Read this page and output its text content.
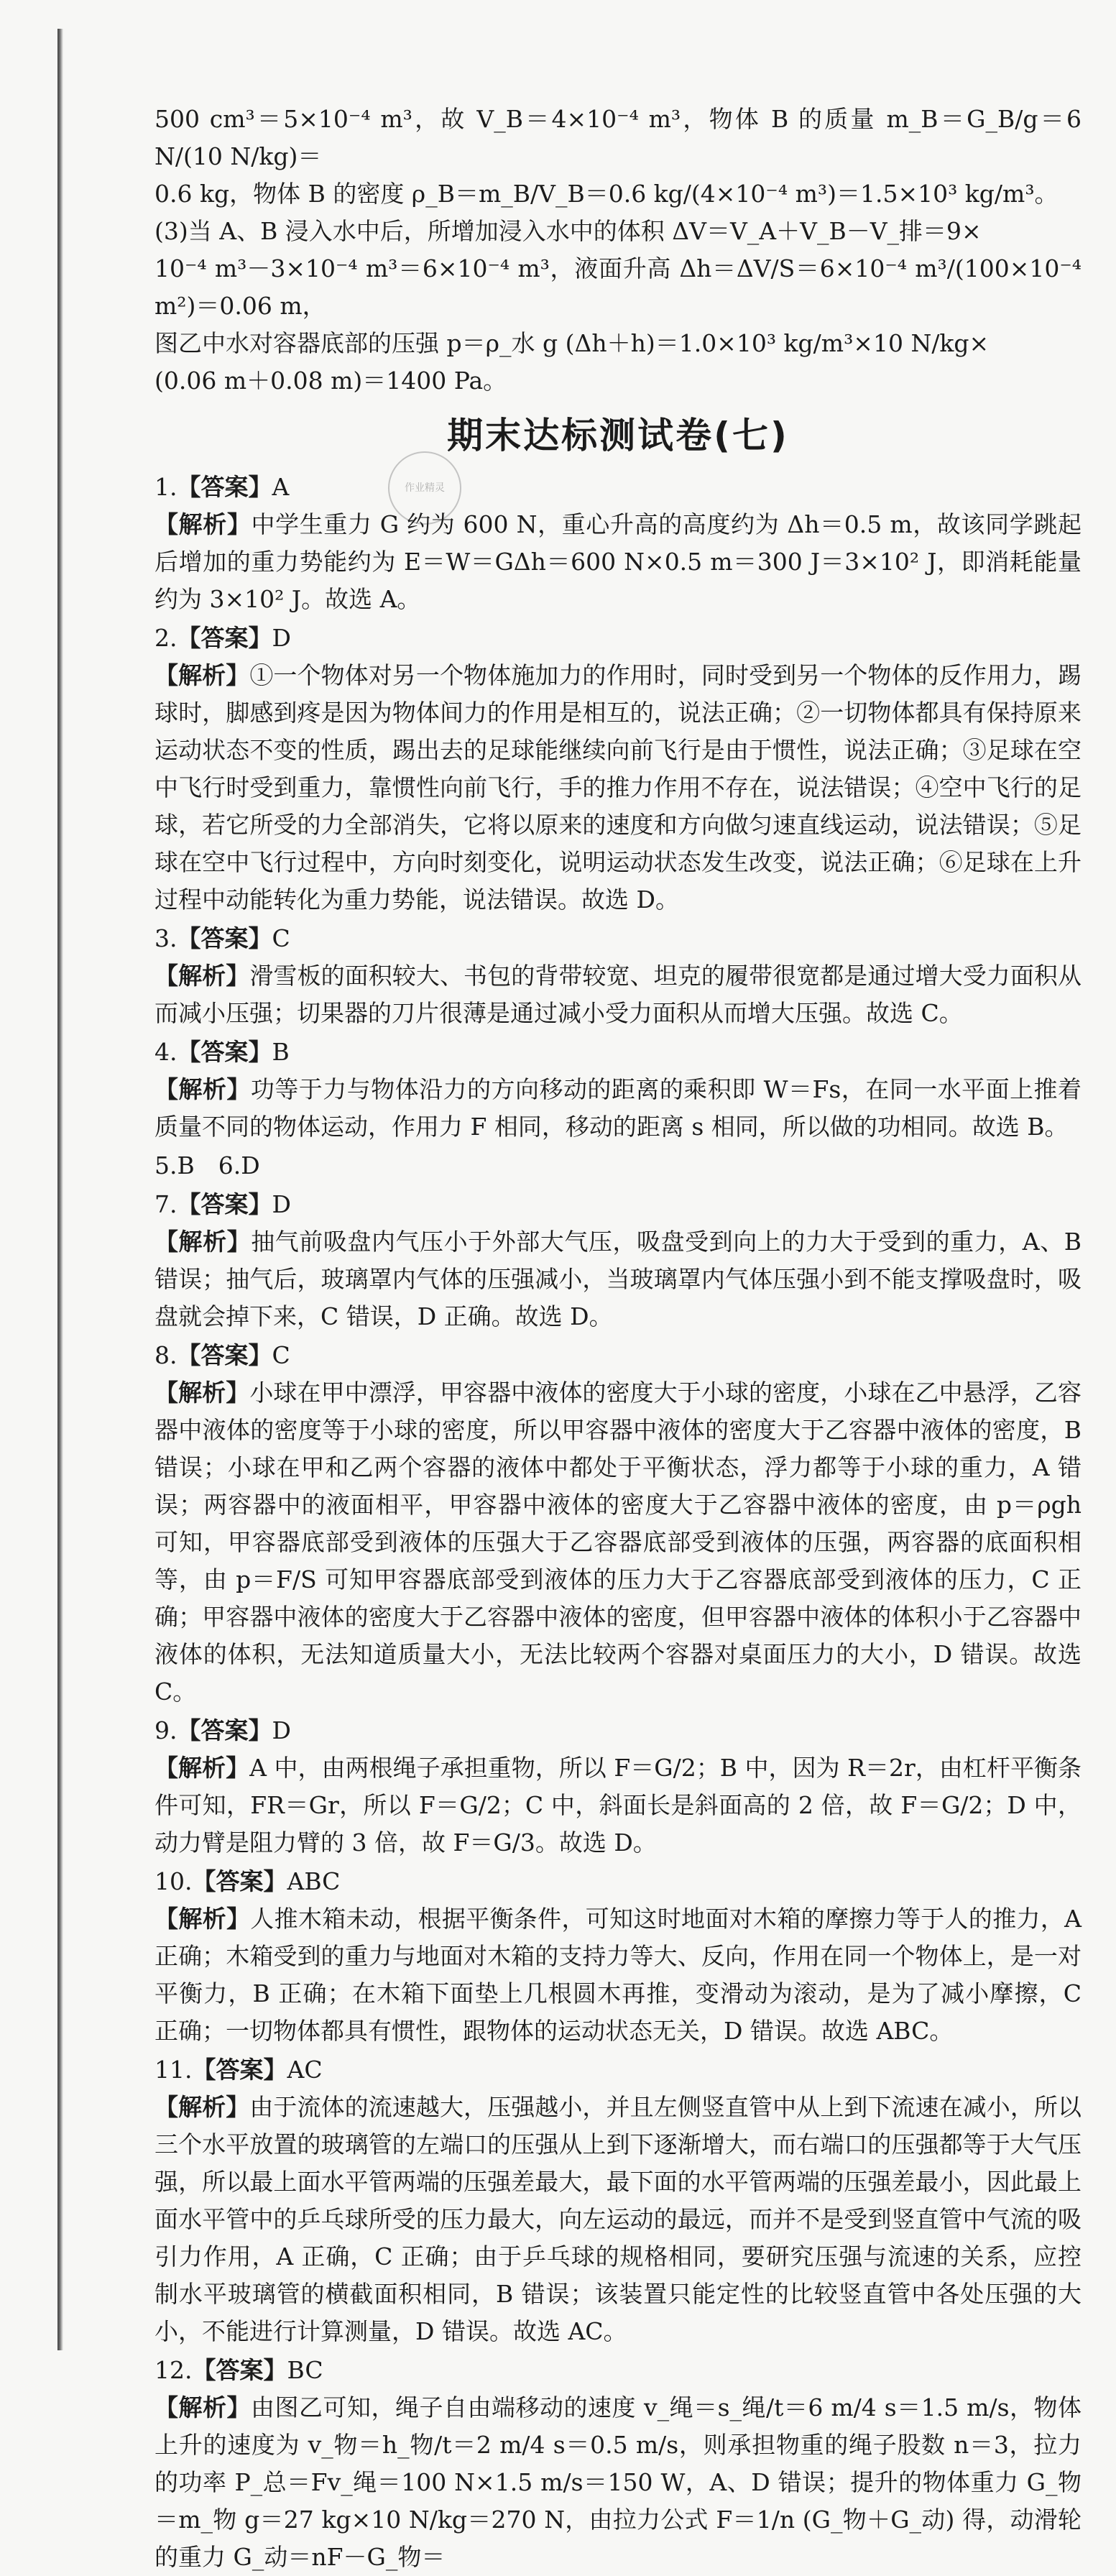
作业精灵
500 cm³＝5×10⁻⁴ m³，故 V_B＝4×10⁻⁴ m³，物体 B 的质量 m_B＝G_B/g＝6 N/(10 N/kg)＝
0.6 kg，物体 B 的密度 ρ_B＝m_B/V_B＝0.6 kg/(4×10⁻⁴ m³)＝1.5×10³ kg/m³。
(3)当 A、B 浸入水中后，所增加浸入水中的体积 ΔV＝V_A＋V_B－V_排＝9×
10⁻⁴ m³－3×10⁻⁴ m³＝6×10⁻⁴ m³，液面升高 Δh＝ΔV/S＝6×10⁻⁴ m³/(100×10⁻⁴ m²)＝0.06 m，
图乙中水对容器底部的压强 p＝ρ_水 g (Δh＋h)＝1.0×10³ kg/m³×10 N/kg×
(0.06 m＋0.08 m)＝1400 Pa。
期末达标测试卷(七)
1.【答案】A
【解析】中学生重力 G 约为 600 N，重心升高的高度约为 Δh＝0.5 m，故该同学跳起后增加的重力势能约为 E＝W＝GΔh＝600 N×0.5 m＝300 J＝3×10² J，即消耗能量约为 3×10² J。故选 A。
2.【答案】D
【解析】①一个物体对另一个物体施加力的作用时，同时受到另一个物体的反作用力，踢球时，脚感到疼是因为物体间力的作用是相互的，说法正确；②一切物体都具有保持原来运动状态不变的性质，踢出去的足球能继续向前飞行是由于惯性，说法正确；③足球在空中飞行时受到重力，靠惯性向前飞行，手的推力作用不存在，说法错误；④空中飞行的足球，若它所受的力全部消失，它将以原来的速度和方向做匀速直线运动，说法错误；⑤足球在空中飞行过程中，方向时刻变化，说明运动状态发生改变，说法正确；⑥足球在上升过程中动能转化为重力势能，说法错误。故选 D。
3.【答案】C
【解析】滑雪板的面积较大、书包的背带较宽、坦克的履带很宽都是通过增大受力面积从而减小压强；切果器的刀片很薄是通过减小受力面积从而增大压强。故选 C。
4.【答案】B
【解析】功等于力与物体沿力的方向移动的距离的乘积即 W＝Fs，在同一水平面上推着质量不同的物体运动，作用力 F 相同，移动的距离 s 相同，所以做的功相同。故选 B。
5.B　6.D
7.【答案】D
【解析】抽气前吸盘内气压小于外部大气压，吸盘受到向上的力大于受到的重力，A、B 错误；抽气后，玻璃罩内气体的压强减小，当玻璃罩内气体压强小到不能支撑吸盘时，吸盘就会掉下来，C 错误，D 正确。故选 D。
8.【答案】C
【解析】小球在甲中漂浮，甲容器中液体的密度大于小球的密度，小球在乙中悬浮，乙容器中液体的密度等于小球的密度，所以甲容器中液体的密度大于乙容器中液体的密度，B 错误；小球在甲和乙两个容器的液体中都处于平衡状态，浮力都等于小球的重力，A 错误；两容器中的液面相平，甲容器中液体的密度大于乙容器中液体的密度，由 p＝ρgh 可知，甲容器底部受到液体的压强大于乙容器底部受到液体的压强，两容器的底面积相等，由 p＝F/S 可知甲容器底部受到液体的压力大于乙容器底部受到液体的压力，C 正确；甲容器中液体的密度大于乙容器中液体的密度，但甲容器中液体的体积小于乙容器中液体的体积，无法知道质量大小，无法比较两个容器对桌面压力的大小，D 错误。故选 C。
9.【答案】D
【解析】A 中，由两根绳子承担重物，所以 F＝G/2；B 中，因为 R＝2r，由杠杆平衡条件可知，FR＝Gr，所以 F＝G/2；C 中，斜面长是斜面高的 2 倍，故 F＝G/2；D 中，动力臂是阻力臂的 3 倍，故 F＝G/3。故选 D。
10.【答案】ABC
【解析】人推木箱未动，根据平衡条件，可知这时地面对木箱的摩擦力等于人的推力，A 正确；木箱受到的重力与地面对木箱的支持力等大、反向，作用在同一个物体上，是一对平衡力，B 正确；在木箱下面垫上几根圆木再推，变滑动为滚动，是为了减小摩擦，C 正确；一切物体都具有惯性，跟物体的运动状态无关，D 错误。故选 ABC。
11.【答案】AC
【解析】由于流体的流速越大，压强越小，并且左侧竖直管中从上到下流速在减小，所以三个水平放置的玻璃管的左端口的压强从上到下逐渐增大，而右端口的压强都等于大气压强，所以最上面水平管两端的压强差最大，最下面的水平管两端的压强差最小，因此最上面水平管中的乒乓球所受的压力最大，向左运动的最远，而并不是受到竖直管中气流的吸引力作用，A 正确，C 正确；由于乒乓球的规格相同，要研究压强与流速的关系，应控制水平玻璃管的横截面积相同，B 错误；该装置只能定性的比较竖直管中各处压强的大小，不能进行计算测量，D 错误。故选 AC。
12.【答案】BC
【解析】由图乙可知，绳子自由端移动的速度 v_绳＝s_绳/t＝6 m/4 s＝1.5 m/s，物体上升的速度为 v_物＝h_物/t＝2 m/4 s＝0.5 m/s，则承担物重的绳子股数 n＝3，拉力的功率 P_总＝Fv_绳＝100 N×1.5 m/s＝150 W，A、D 错误；提升的物体重力 G_物＝m_物 g＝27 kg×10 N/kg＝270 N，由拉力公式 F＝1/n (G_物＋G_动) 得，动滑轮的重力 G_动＝nF－G_物＝
